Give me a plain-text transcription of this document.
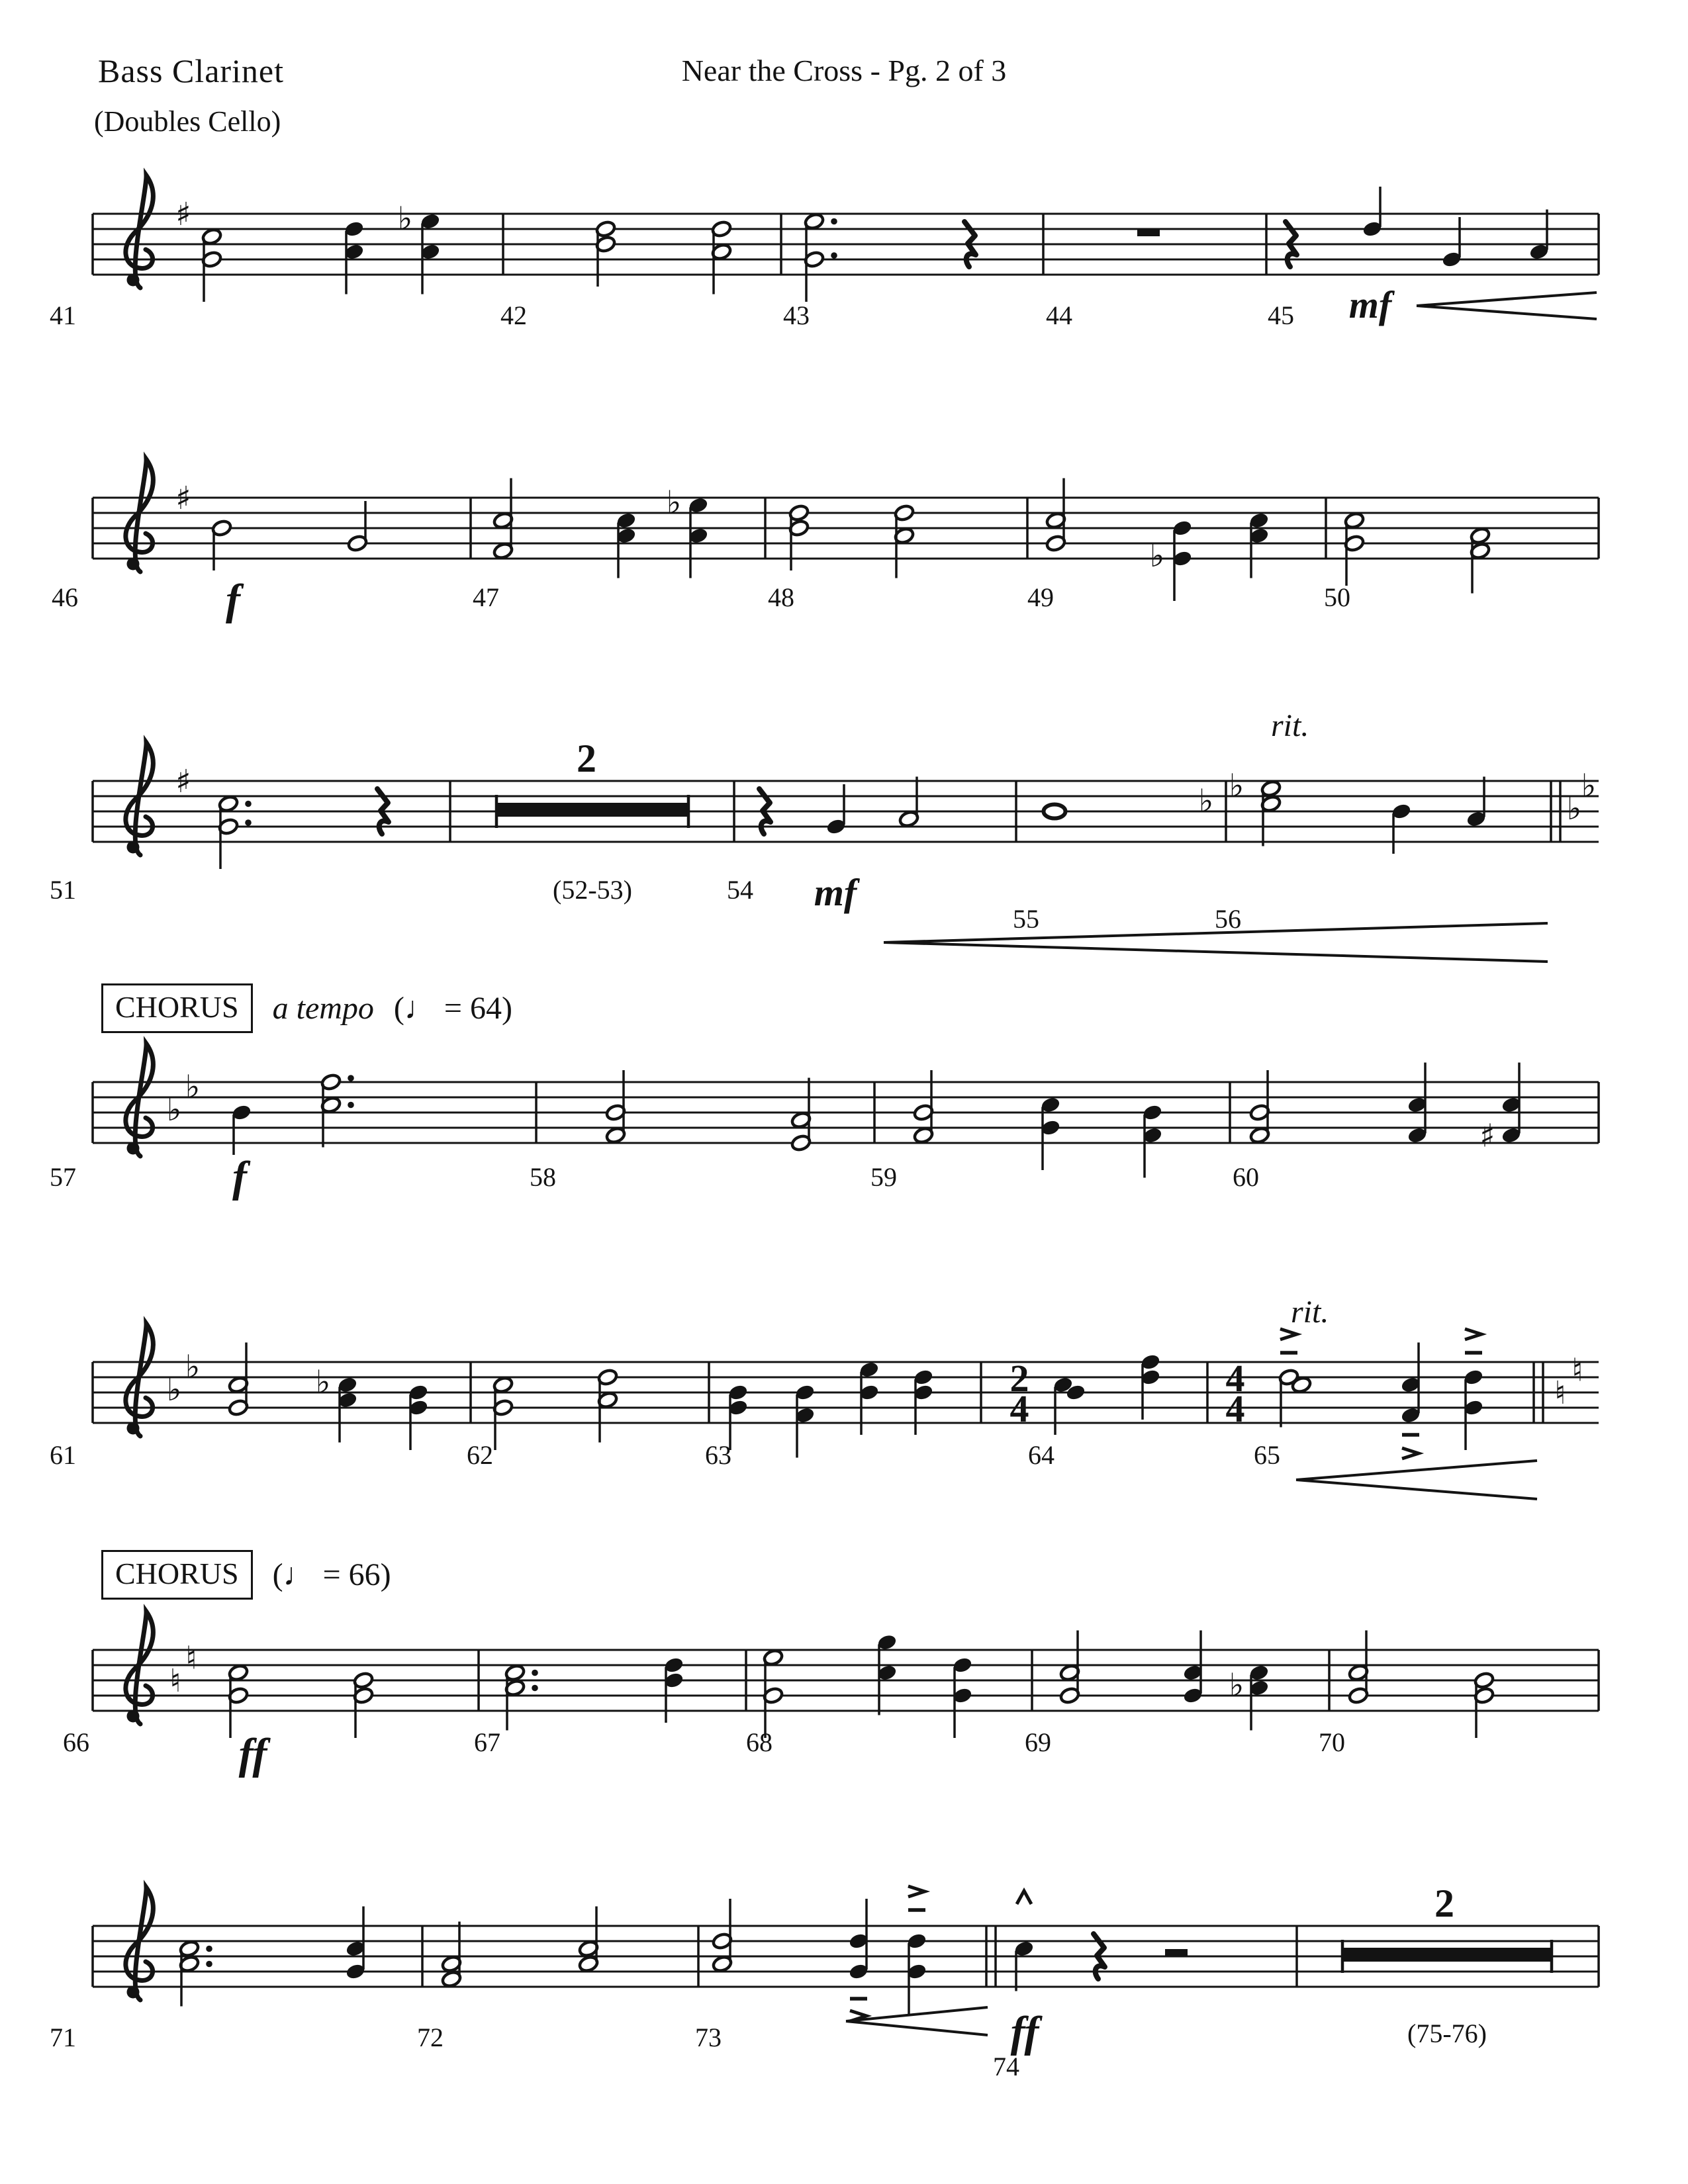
Bass Clarinet
(Doubles Cello)
Near the Cross - Pg. 2 of 3
♯	♭
41	42	43	44	45 mf
♯	♭
♭
46	47	48	49	50
f
♯
♭
♭
♭ ♭
2
51	(52-53)	54
55	56
mf
rit.
♭
♭
♯
57	58	59	60
f
♭
♭
♮
♮
♭	2
4
4
4
61	62	63	64	65
rit.
♮
♮
♭
66	67	68	69	70
ff
2
71	72	73
74
(75-76)
ff
CHORUS	a tempo (♩ = 64)
CHORUS	(♩ = 66)
